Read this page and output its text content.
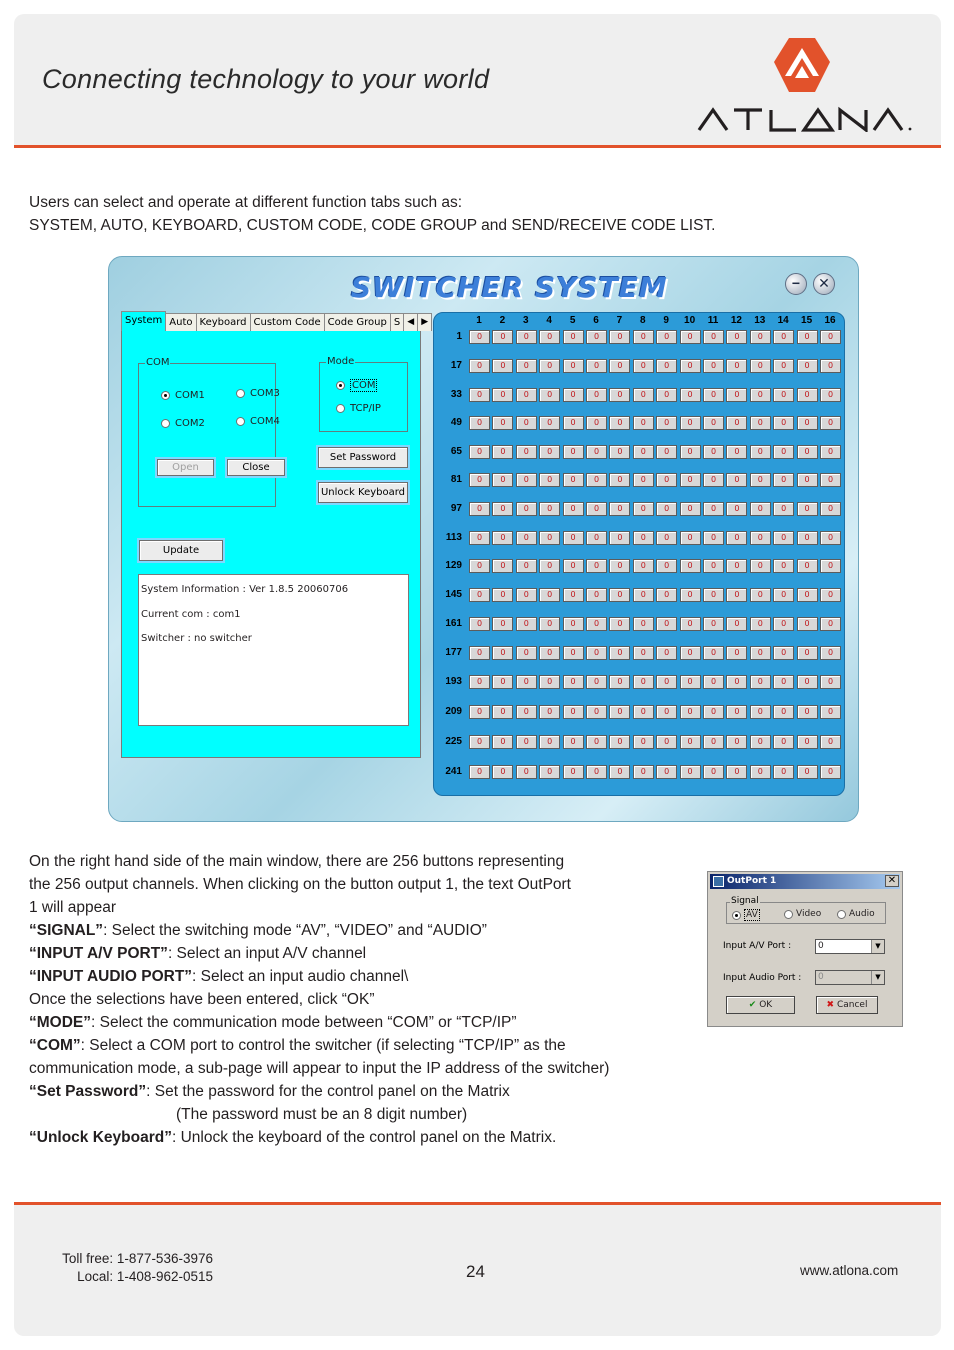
Connecting technology to your world
ATLONA
Users can select and operate at different function tabs such as:
SYSTEM, AUTO, KEYBOARD, CUSTOM CODE, CODE GROUP and SEND/RECEIVE CODE LIST.
SWITCHER SYSTEM	−	✕
System Auto Keyboard Custom Code Code Group S ◀ ▶
COM
COM1	COM3
COM2	COM4
Open	Close
Mode
COM
TCP/IP
Set Password
Unlock Keyboard
Update
System Information : Ver 1.8.5 20060706
Current com : com1
Switcher : no switcher
1	2	3	4	5	6	7	8	9	10	11	12	13	14	15	16
1	0	0	0	0	0	0	0	0	0	0	0	0	0	0	0	0
17	0	0	0	0	0	0	0	0	0	0	0	0	0	0	0	0
33	0	0	0	0	0	0	0	0	0	0	0	0	0	0	0	0
49	0	0	0	0	0	0	0	0	0	0	0	0	0	0	0	0
65	0	0	0	0	0	0	0	0	0	0	0	0	0	0	0	0
81	0	0	0	0	0	0	0	0	0	0	0	0	0	0	0	0
97	0	0	0	0	0	0	0	0	0	0	0	0	0	0	0	0
113	0	0	0	0	0	0	0	0	0	0	0	0	0	0	0	0
129	0	0	0	0	0	0	0	0	0	0	0	0	0	0	0	0
145	0	0	0	0	0	0	0	0	0	0	0	0	0	0	0	0
161	0	0	0	0	0	0	0	0	0	0	0	0	0	0	0	0
177	0	0	0	0	0	0	0	0	0	0	0	0	0	0	0	0
193	0	0	0	0	0	0	0	0	0	0	0	0	0	0	0	0
209	0	0	0	0	0	0	0	0	0	0	0	0	0	0	0	0
225	0	0	0	0	0	0	0	0	0	0	0	0	0	0	0	0
241	0	0	0	0	0	0	0	0	0	0	0	0	0	0	0	0
On the right hand side of the main window, there are 256 buttons representing
the 256 output channels. When clicking on the button output 1, the text OutPort
1 will appear
“SIGNAL”: Select the switching mode “AV”, “VIDEO” and “AUDIO”
“INPUT A/V PORT”: Select an input A/V channel
“INPUT AUDIO PORT”: Select an input audio channel\
Once the selections have been entered, click “OK”
“MODE”: Select the communication mode between “COM” or “TCP/IP”
“COM”: Select a COM port to control the switcher (if selecting “TCP/IP” as the
communication mode, a sub-page will appear to input the IP address of the switcher)
“Set Password”: Set the password for the control panel on the Matrix
(The password must be an 8 digit number)
“Unlock Keyboard”: Unlock the keyboard of the control panel on the Matrix.
OutPort 1	✕
Signal
AV	Video	Audio
Input A/V Port :	0	▼
Input Audio Port :	0	▼
✔ OK	✖ Cancel
Toll free: 1-877-536-3976
Local: 1-408-962-0515	24	www.atlona.com
